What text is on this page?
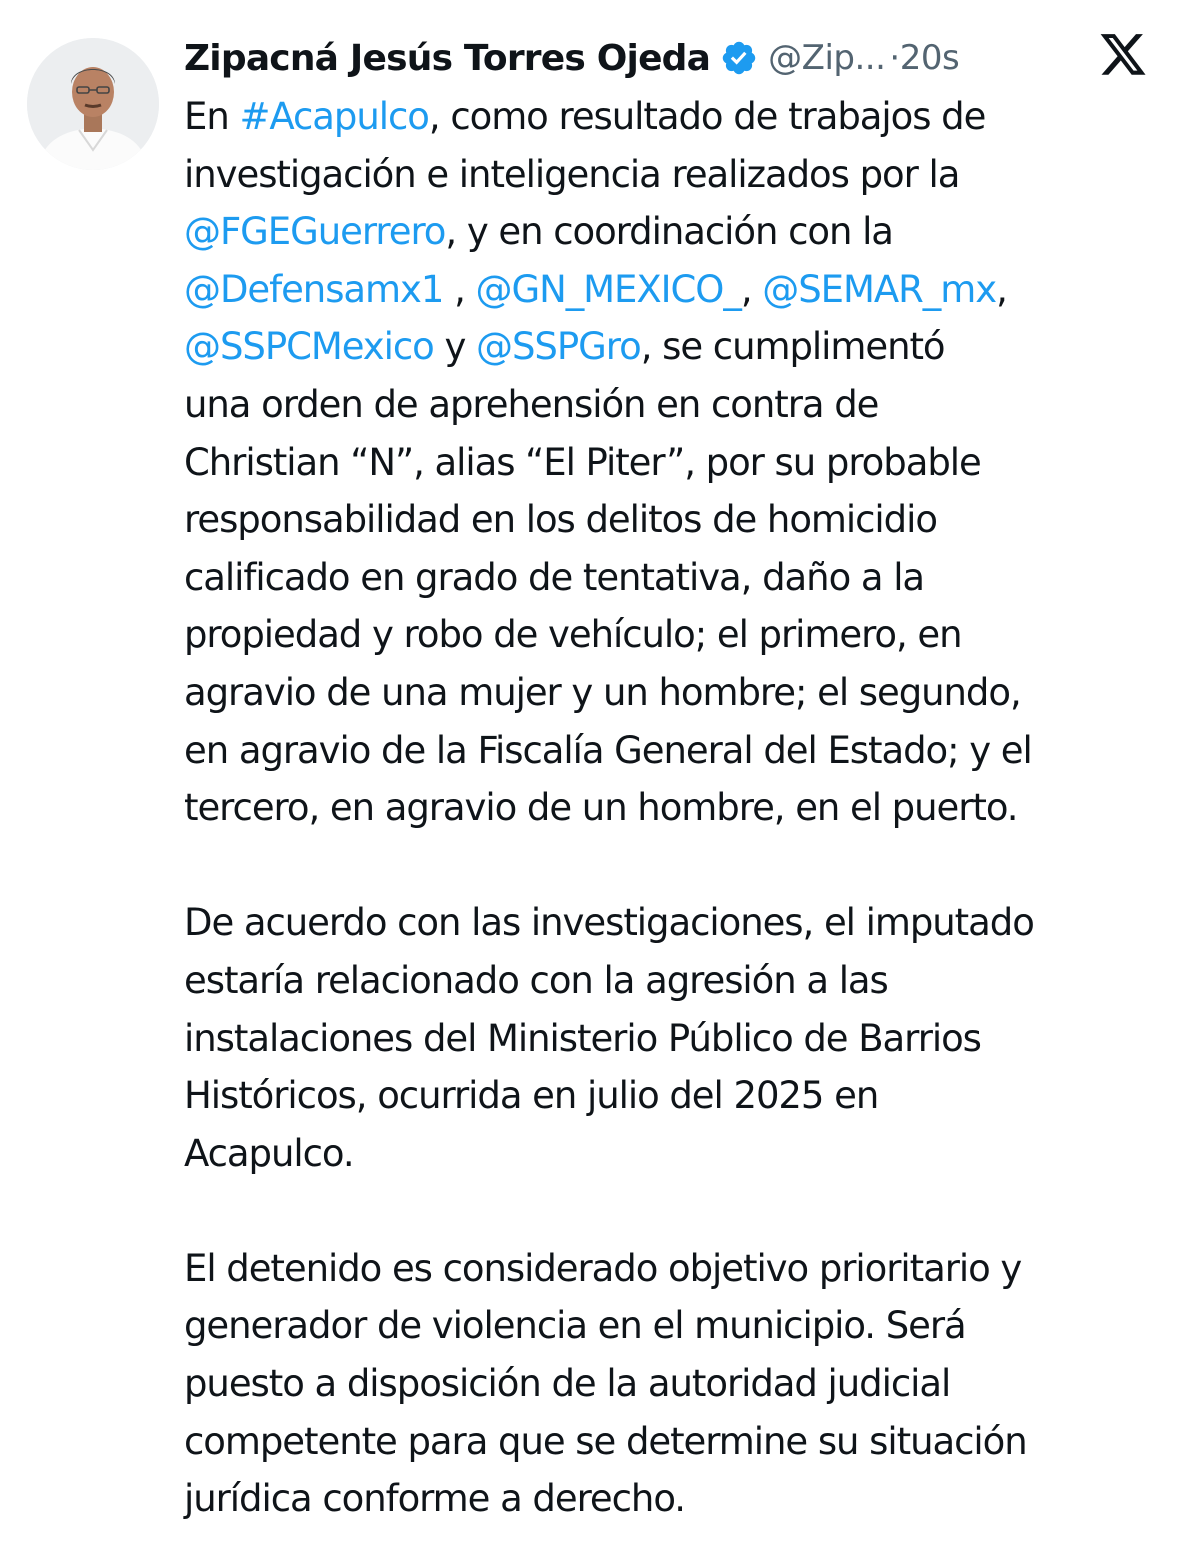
Zipacná Jesús Torres Ojeda @Zip... · 20s
En #Acapulco, como resultado de trabajos de
investigación e inteligencia realizados por la
@FGEGuerrero, y en coordinación con la
@Defensamx1 , @GN_MEXICO_, @SEMAR_mx,
@SSPCMexico y @SSPGro, se cumplimentó
una orden de aprehensión en contra de
Christian “N”, alias “El Piter”, por su probable
responsabilidad en los delitos de homicidio
calificado en grado de tentativa, daño a la
propiedad y robo de vehículo; el primero, en
agravio de una mujer y un hombre; el segundo,
en agravio de la Fiscalía General del Estado; y el
tercero, en agravio de un hombre, en el puerto.
De acuerdo con las investigaciones, el imputado
estaría relacionado con la agresión a las
instalaciones del Ministerio Público de Barrios
Históricos, ocurrida en julio del 2025 en
Acapulco.
El detenido es considerado objetivo prioritario y
generador de violencia en el municipio. Será
puesto a disposición de la autoridad judicial
competente para que se determine su situación
jurídica conforme a derecho.
